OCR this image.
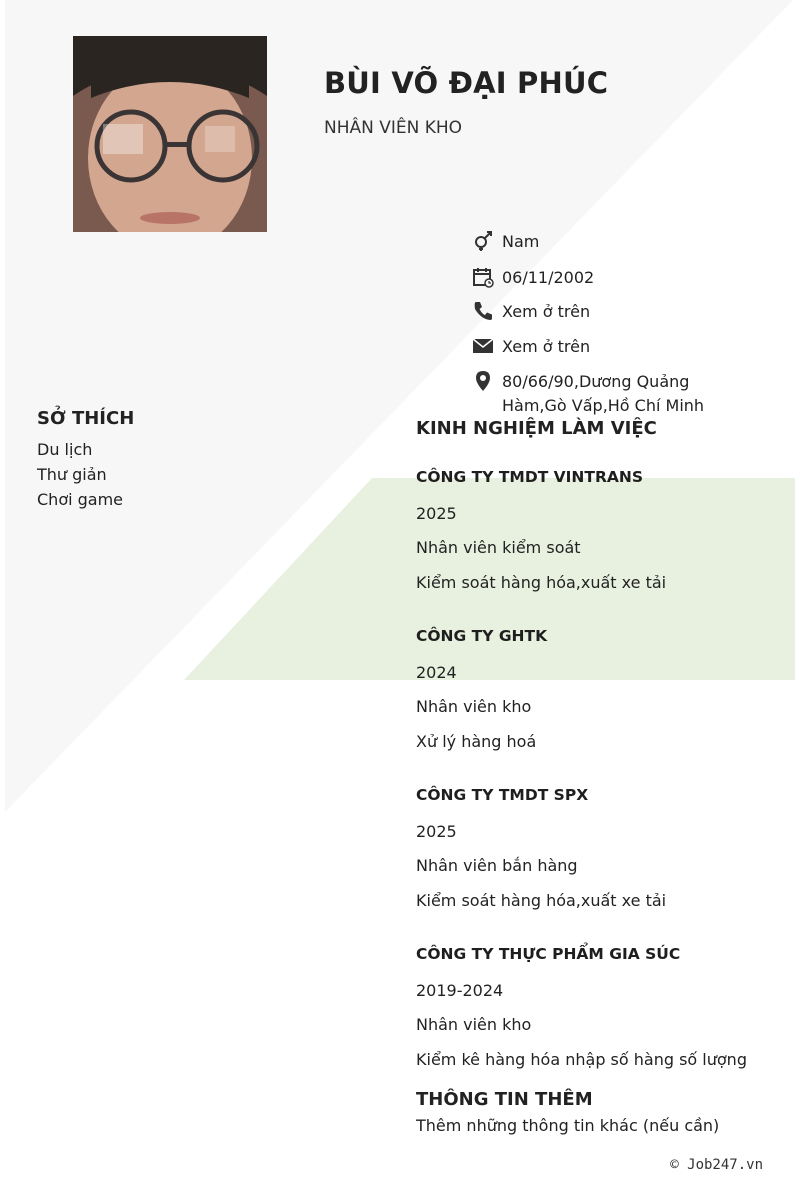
BÙI VÕ ĐẠI PHÚC
NHÂN VIÊN KHO
Nam
06/11/2002
Xem ở trên
Xem ở trên
80/66/90,Dương Quảng Hàm,Gò Vấp,Hồ Chí Minh
SỞ THÍCH
Du lịch
Thư giản
Chơi game
KINH NGHIỆM LÀM VIỆC
CÔNG TY TMDT VINTRANS
2025
Nhân viên kiểm soát
Kiểm soát hàng hóa,xuất xe tải
CÔNG TY GHTK
2024
Nhân viên kho
Xử lý hàng hoá
CÔNG TY TMDT SPX
2025
Nhân viên bắn hàng
Kiểm soát hàng hóa,xuất xe tải
CÔNG TY THỰC PHẨM GIA SÚC
2019-2024
Nhân viên kho
Kiểm kê hàng hóa nhập số hàng số lượng
THÔNG TIN THÊM
Thêm những thông tin khác (nếu cần)
© Job247.vn
